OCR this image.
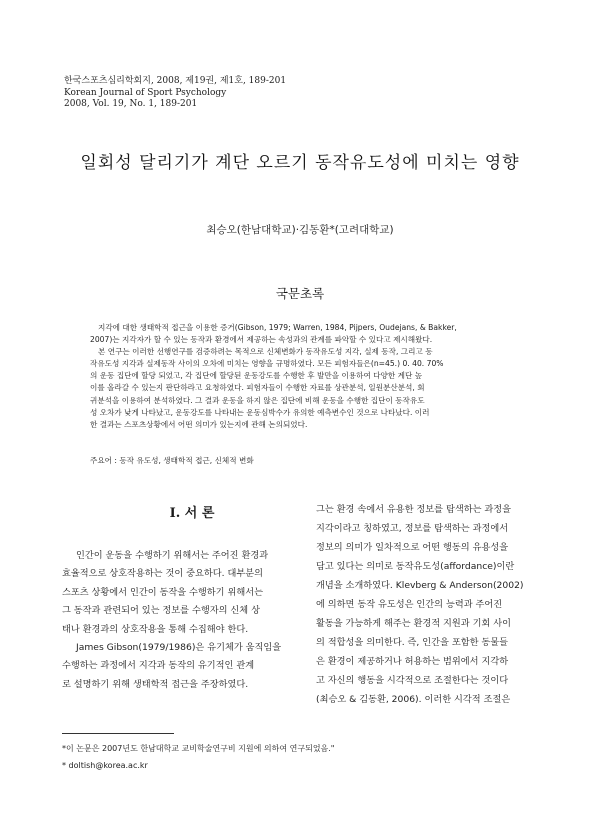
한국스포츠심리학회지, 2008, 제19권, 제1호, 189-201
Korean Journal of Sport Psychology
2008, Vol. 19, No. 1, 189-201
일회성 달리기가 계단 오르기 동작유도성에 미치는 영향
최승오(한남대학교)·김동환*(고려대학교)
국문초록
지각에 대한 생태학적 접근을 이용한 증거(Gibson, 1979; Warren, 1984, Pijpers, Oudejans, & Bakker,
2007)는 지각자가 할 수 있는 동작과 환경에서 제공하는 속성과의 관계를 파악할 수 있다고 제시해왔다.
본 연구는 이러한 선행연구를 검증하려는 목적으로 신체변화가 동작유도성 지각, 실제 동작, 그리고 동
작유도성 지각과 실제동작 사이의 오차에 미치는 영향을 규명하였다. 모든 피험자들은(n=45.) 0. 40. 70%
의 운동 집단에 할당 되었고, 각 집단에 할당된 운동강도를 수행한 후 발만을 이용하여 다양한 계단 높
이를 올라갈 수 있는지 판단하라고 요청하였다. 피험자들이 수행한 자료를 상관분석, 일원분산분석, 회
귀분석을 이용하여 분석하였다. 그 결과 운동을 하지 않은 집단에 비해 운동을 수행한 집단이 동작유도
성 오차가 낮게 나타났고, 운동강도를 나타내는 운동심박수가 유의한 예측변수인 것으로 나타났다. 이러
한 결과는 스포츠상황에서 어떤 의미가 있는지에 관해 논의되었다.
주요어 : 동작 유도성, 생태학적 접근, 신체적 변화
I. 서 론
인간이 운동을 수행하기 위해서는 주어진 환경과
효율적으로 상호작용하는 것이 중요하다. 대부분의
스포츠 상황에서 인간이 동작을 수행하기 위해서는
그 동작과 관련되어 있는 정보를 수행자의 신체 상
태나 환경과의 상호작용을 통해 수집해야 한다.
James Gibson(1979/1986)은 유기체가 움직임을
수행하는 과정에서 지각과 동작의 유기적인 관계
로 설명하기 위해 생태학적 접근을 주장하였다.
그는 환경 속에서 유용한 정보를 탐색하는 과정을
지각이라고 칭하였고, 정보를 탐색하는 과정에서
정보의 의미가 일차적으로 어떤 행동의 유용성을
담고 있다는 의미로 동작유도성(affordance)이란
개념을 소개하였다. Klevberg & Anderson(2002)
에 의하면 동작 유도성은 인간의 능력과 주어진
활동을 가능하게 해주는 환경적 지원과 기회 사이
의 적합성을 의미한다. 즉, 인간을 포함한 동물들
은 환경이 제공하거나 허용하는 범위에서 지각하
고 자신의 행동을 시각적으로 조절한다는 것이다
(최승오 & 김동환, 2006). 이러한 시각적 조절은
*이 논문은 2007년도 한남대학교 교비학술연구비 지원에 의하여 연구되었음."
* doltish@korea.ac.kr
